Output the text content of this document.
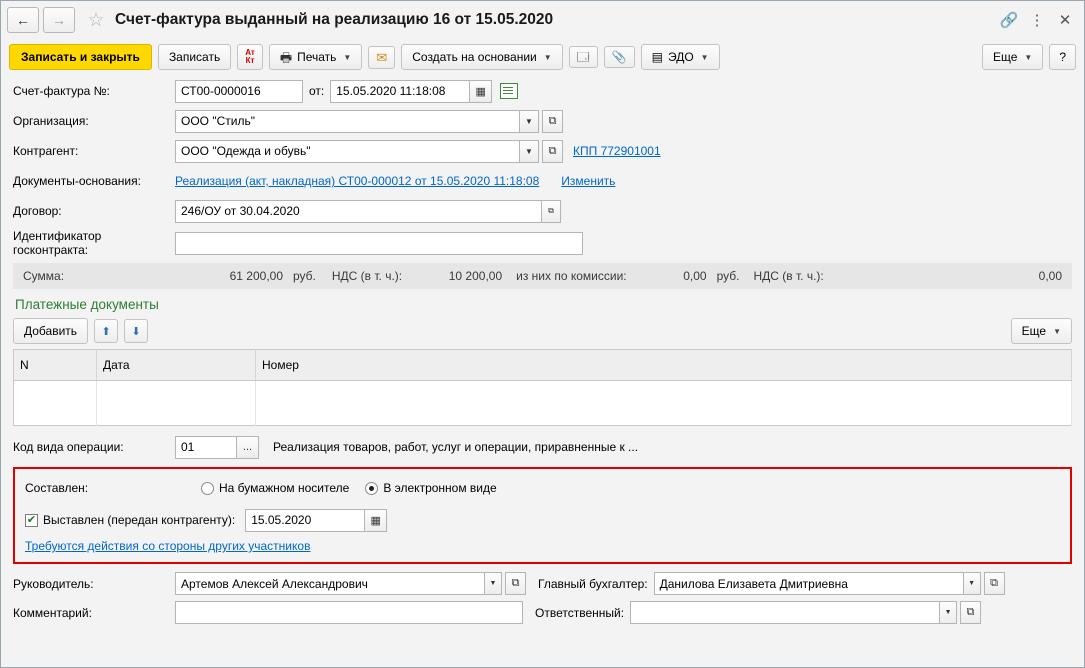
← → ☆ Счет-фактура выданный на реализацию 16 от 15.05.2020	🔗 ⋮ ✕
Записать и закрыть	Записать	Ат
Кт 🖶 Печать ▼ ✉ Создать на основании ▼ 🗔 📎 ▤ ЭДО ▼	Еще ▼	?
Счет-фактура №:	СТ00-0000016	от:	15.05.2020 11:18:08	▦
Организация:	ООО "Стиль"	▼	⧉
Контрагент:	ООО "Одежда и обувь"	▼	⧉	КПП 772901001
Документы-основания:	Реализация (акт, накладная) СТ00-000012 от 15.05.2020 11:18:08 Изменить
Договор:	246/ОУ от 30.04.2020	⧉
Идентификатор госконтракта:
Сумма:	61 200,00 руб. НДС (в т. ч.):	10 200,00 из них по комиссии:	0,00 руб. НДС (в т. ч.):	0,00
Платежные документы
Добавить	⬆ ⬇	Еще ▼
N	Дата	Номер

Код вида операции:	01	...	Реализация товаров, работ, услуг и операции, приравненные к ...
Составлен:	На бумажном носителе	В электронном виде
✔ Выставлен (передан контрагенту):	15.05.2020	▦
Требуются действия со стороны других участников
Руководитель:	Артемов Алексей Александрович	▼	⧉	Главный бухгалтер:	Данилова Елизавета Дмитриевна	▼	⧉
Комментарий:	Ответственный:	▼	⧉
